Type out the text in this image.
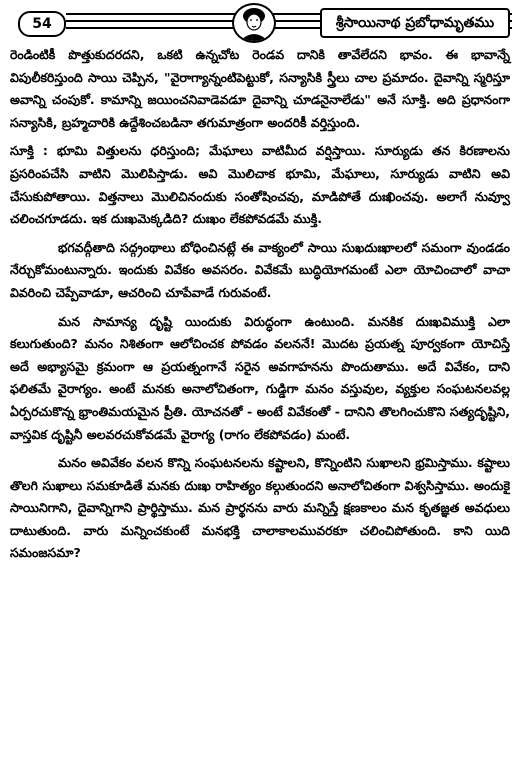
54	శ్రీసాయినాథ ప్రబోధామృతము

రెండింటికీ పొత్తుకుదరదని, ఒకటి ఉన్నచోట రెండవ దానికి తావేలేదని భావం. ఈ భావాన్నే విపులీకరిస్తుంది సాయి చెప్పిన, "వైరాగ్యాన్నంటిపెట్టుకో, సన్యాసికి స్త్రీలు చాల ప్రమాదం. దైవాన్ని స్మరిస్తూ అవాన్ని చంపుకో. కామాన్ని జయించనివాడెవడూ దైవాన్ని చూడనైనాలేడు" అనే సూక్తి. అది ప్రధానంగా సన్యాసికి, బ్రహ్మచారికి ఉద్దేశించబడినా తగుమాత్రంగా అందరికీ వర్తిస్తుంది.

సూక్తి : భూమి విత్తులను ధరిస్తుంది; మేఘాలు వాటిమీద వర్షిస్తాయి. సూర్యుడు తన కిరణాలను ప్రసరింపచేసి వాటిని మొలిపిస్తాడు. అవి మొలిచాక భూమి, మేఘాలు, సూర్యుడు వాటిని అవి చేసుకుపోతాయి. విత్తనాలు మొలిచినందుకు సంతోషించవు, మాడిపోతే దుఃఖించవు. అలాగే నువ్వూ చలించగూడదు. ఇక దుఃఖమెక్కడిది? దుఃఖం లేకపోవడమే ముక్తి.

భగవద్గీతాది సద్గ్రంథాలు బోధించినట్లే ఈ వాక్యంలో సాయి సుఖదుఃఖాలలో సమంగా వుండడం నేర్చుకోమంటున్నారు. ఇందుకు వివేకం అవసరం. వివేకమే బుద్ధియోగమంటే ఎలా యోచించాలో వాచా వివరించి చెప్పేవాడూ, ఆచరించి చూపేవాడే గురువంటే.

మన సామాన్య దృష్టి యిందుకు విరుద్ధంగా ఉంటుంది. మనకిక దుఃఖవిముక్తి ఎలా కలుగుతుంది? మనం నిశితంగా ఆలోచించక పోవడం వలననే! మొదట ప్రయత్న పూర్వకంగా యోచిస్తే అదే అభ్యాసమై క్రమంగా ఆ ప్రయత్నంగానే సరైన అవగాహనను పొందుతాము. అదే వివేకం, దాని ఫలితమే వైరాగ్యం. అంటే మనకు అనాలోచితంగా, గుడ్డిగా మనం వస్తువుల, వ్యక్తుల సంఘటనలవల్ల ఏర్పరచుకొన్న భ్రాంతిమయమైన ప్రీతి. యోచనతో - అంటే వివేకంతో - దానిని తొలగించుకొని సత్యదృష్టిని, వాస్తవిక దృష్టినీ అలవరచుకోవడమే వైరాగ్య (రాగం లేకపోవడం) మంటే.

మనం అవివేకం వలన కొన్ని సంఘటనలను కష్టాలని, కొన్నింటిని సుఖాలని భ్రమిస్తాము. కష్టాలు తొలగి సుఖాలు సమకూడితే మనకు దుఃఖ రాహిత్యం కల్గుతుందని అనాలోచితంగా విశ్వసిస్తాము. అందుకై సాయినిగాని, దైవాన్నిగాని ప్రార్థిస్తాము. మన ప్రార్థనను వారు మన్నిస్తే క్షణకాలం మన కృతజ్ఞత అవధులు దాటుతుంది. వారు మన్నించకుంటే మనభక్తి చాలాకాలమువరకూ చలించిపోతుంది. కాని యిది సమంజసమా?
